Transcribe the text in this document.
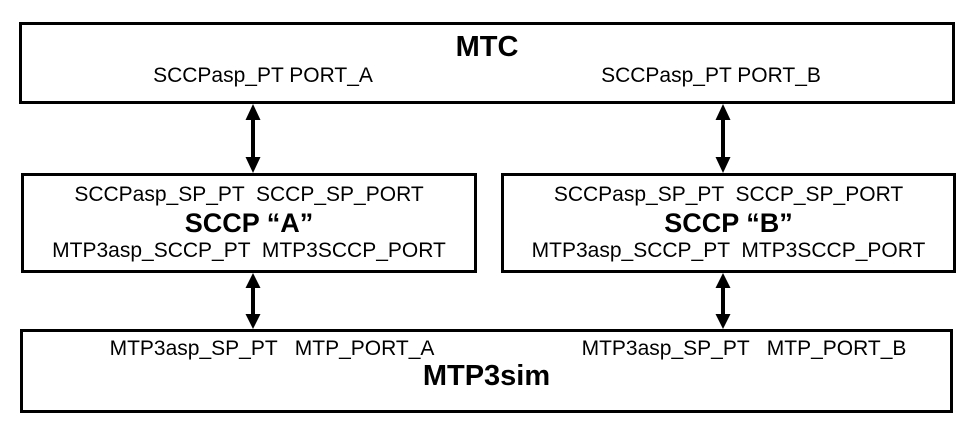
MTC
SCCPasp_PT PORT_A	SCCPasp_PT PORT_B
SCCPasp_SP_PT  SCCP_SP_PORT
SCCP “A”
MTP3asp_SCCP_PT  MTP3SCCP_PORT
SCCPasp_SP_PT  SCCP_SP_PORT
SCCP “B”
MTP3asp_SCCP_PT  MTP3SCCP_PORT
MTP3asp_SP_PT   MTP_PORT_A	MTP3asp_SP_PT   MTP_PORT_B
MTP3sim
